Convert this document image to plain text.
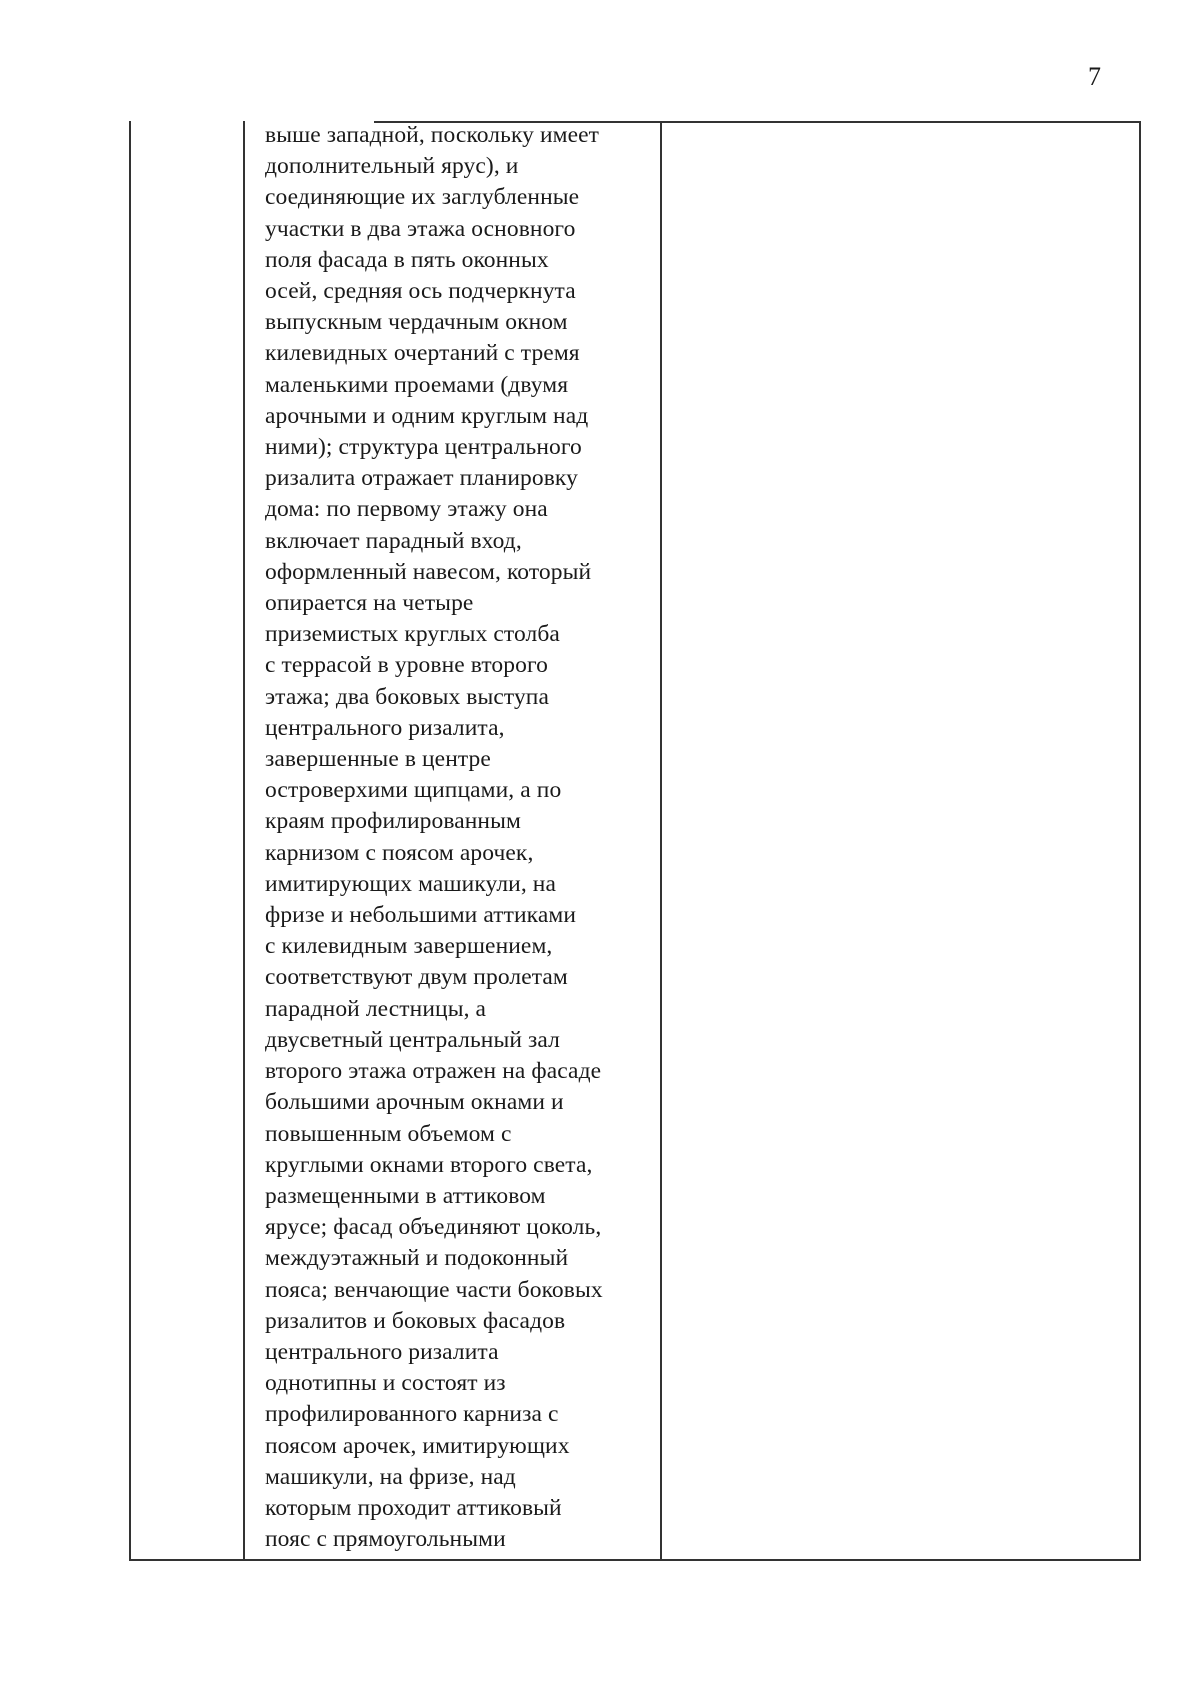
7
выше западной, поскольку имеет
дополнительный ярус), и
соединяющие их заглубленные
участки в два этажа основного
поля фасада в пять оконных
осей, средняя ось подчеркнута
выпускным чердачным окном
килевидных очертаний с тремя
маленькими проемами (двумя
арочными и одним круглым над
ними); структура центрального
ризалита отражает планировку
дома: по первому этажу она
включает парадный вход,
оформленный навесом, который
опирается на четыре
приземистых круглых столба
с террасой в уровне второго
этажа; два боковых выступа
центрального ризалита,
завершенные в центре
островерхими щипцами, а по
краям профилированным
карнизом с поясом арочек,
имитирующих машикули, на
фризе и небольшими аттиками
с килевидным завершением,
соответствуют двум пролетам
парадной лестницы, а
двусветный центральный зал
второго этажа отражен на фасаде
большими арочным окнами и
повышенным объемом с
круглыми окнами второго света,
размещенными в аттиковом
ярусе; фасад объединяют цоколь,
междуэтажный и подоконный
пояса; венчающие части боковых
ризалитов и боковых фасадов
центрального ризалита
однотипны и состоят из
профилированного карниза с
поясом арочек, имитирующих
машикули, на фризе, над
которым проходит аттиковый
пояс с прямоугольными
